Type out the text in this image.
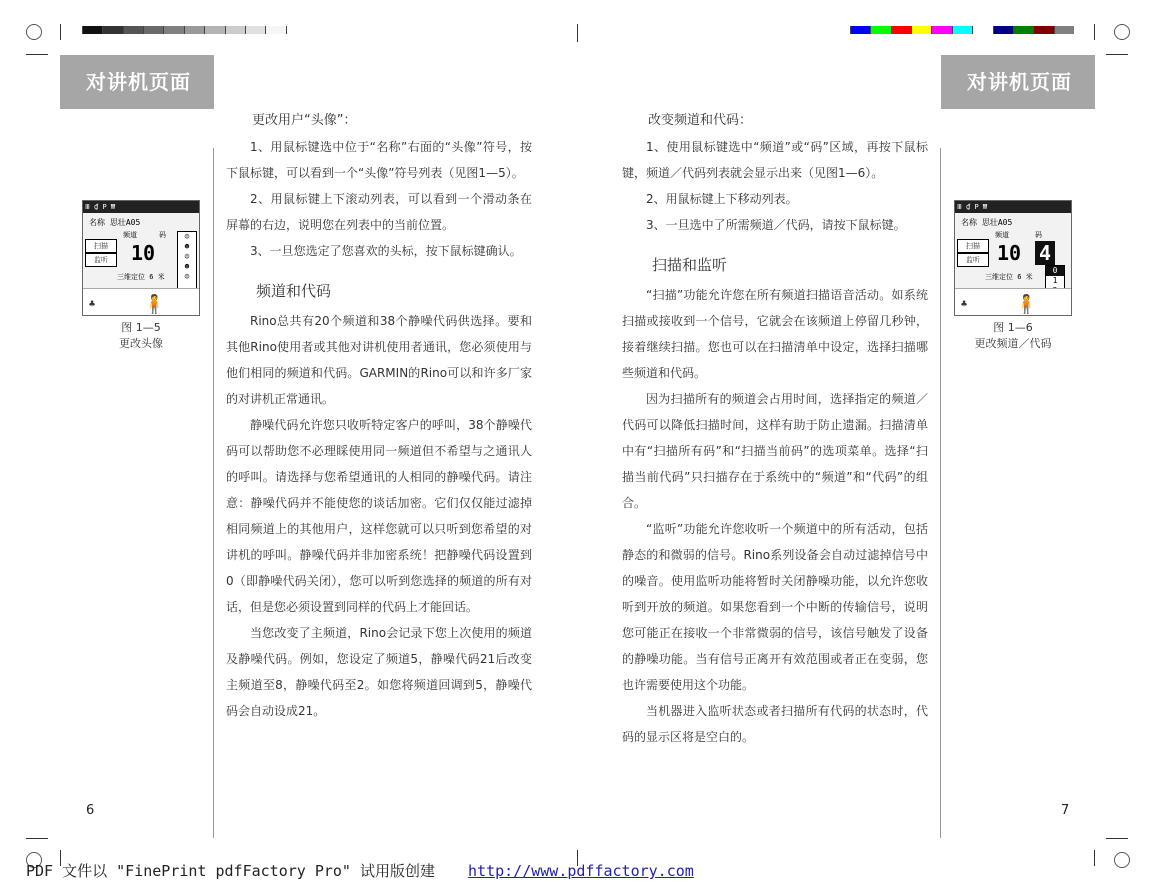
对讲机页面
Ⅲ ₫ P ₩
名称 思壮A05
频道	码
扫描
监听	10
☺
☻
☺
☻
☺
三维定位 6 米
🧍
♣
图 1—5
更改头像
更改用户“头像”：

1、用鼠标键选中位于“名称”右面的“头像”符号，按下鼠标键，可以看到一个“头像”符号列表（见图1—5）。

2、用鼠标键上下滚动列表，可以看到一个滑动条在屏幕的右边，说明您在列表中的当前位置。

3、一旦您选定了您喜欢的头标，按下鼠标键确认。

频道和代码

Rino总共有20个频道和38个静噪代码供选择。要和其他Rino使用者或其他对讲机使用者通讯，您必须使用与他们相同的频道和代码。GARMIN的Rino可以和许多厂家的对讲机正常通讯。

静噪代码允许您只收听特定客户的呼叫，38个静噪代码可以帮助您不必理睬使用同一频道但不希望与之通讯人的呼叫。请选择与您希望通讯的人相同的静噪代码。请注意：静噪代码并不能使您的谈话加密。它们仅仅能过滤掉相同频道上的其他用户，这样您就可以只听到您希望的对讲机的呼叫。静噪代码并非加密系统！把静噪代码设置到0（即静噪代码关闭），您可以听到您选择的频道的所有对话，但是您必须设置到同样的代码上才能回话。

当您改变了主频道，Rino会记录下您上次使用的频道及静噪代码。例如，您设定了频道5，静噪代码21后改变主频道至8，静噪代码至2。如您将频道回调到5，静噪代码会自动设成21。

6
对讲机页面
Ⅲ ₫ P ₩
名称 思壮A05
频道	码
扫描
监听 10 4
0
1
三维定位 6 米
🧍
♣
图 1—6
更改频道／代码
改变频道和代码：

1、使用鼠标键选中“频道”或“码”区域，再按下鼠标键，频道／代码列表就会显示出来（见图1—6）。

2、用鼠标键上下移动列表。

3、一旦选中了所需频道／代码，请按下鼠标键。

扫描和监听

“扫描”功能允许您在所有频道扫描语音活动。如系统扫描或接收到一个信号，它就会在该频道上停留几秒钟，接着继续扫描。您也可以在扫描清单中设定，选择扫描哪些频道和代码。

因为扫描所有的频道会占用时间，选择指定的频道／代码可以降低扫描时间，这样有助于防止遗漏。扫描清单中有“扫描所有码”和“扫描当前码”的选项菜单。选择“扫描当前代码”只扫描存在于系统中的“频道”和“代码”的组合。

“监听”功能允许您收听一个频道中的所有活动，包括静态的和微弱的信号。Rino系列设备会自动过滤掉信号中的噪音。使用监听功能将暂时关闭静噪功能，以允许您收听到开放的频道。如果您看到一个中断的传输信号，说明您可能正在接收一个非常微弱的信号，该信号触发了设备的静噪功能。当有信号正离开有效范围或者正在变弱，您也许需要使用这个功能。

当机器进入监听状态或者扫描所有代码的状态时，代码的显示区将是空白的。

7
PDF 文件以 "FinePrint pdfFactory Pro" 试用版创建 http://www.pdffactory.com
